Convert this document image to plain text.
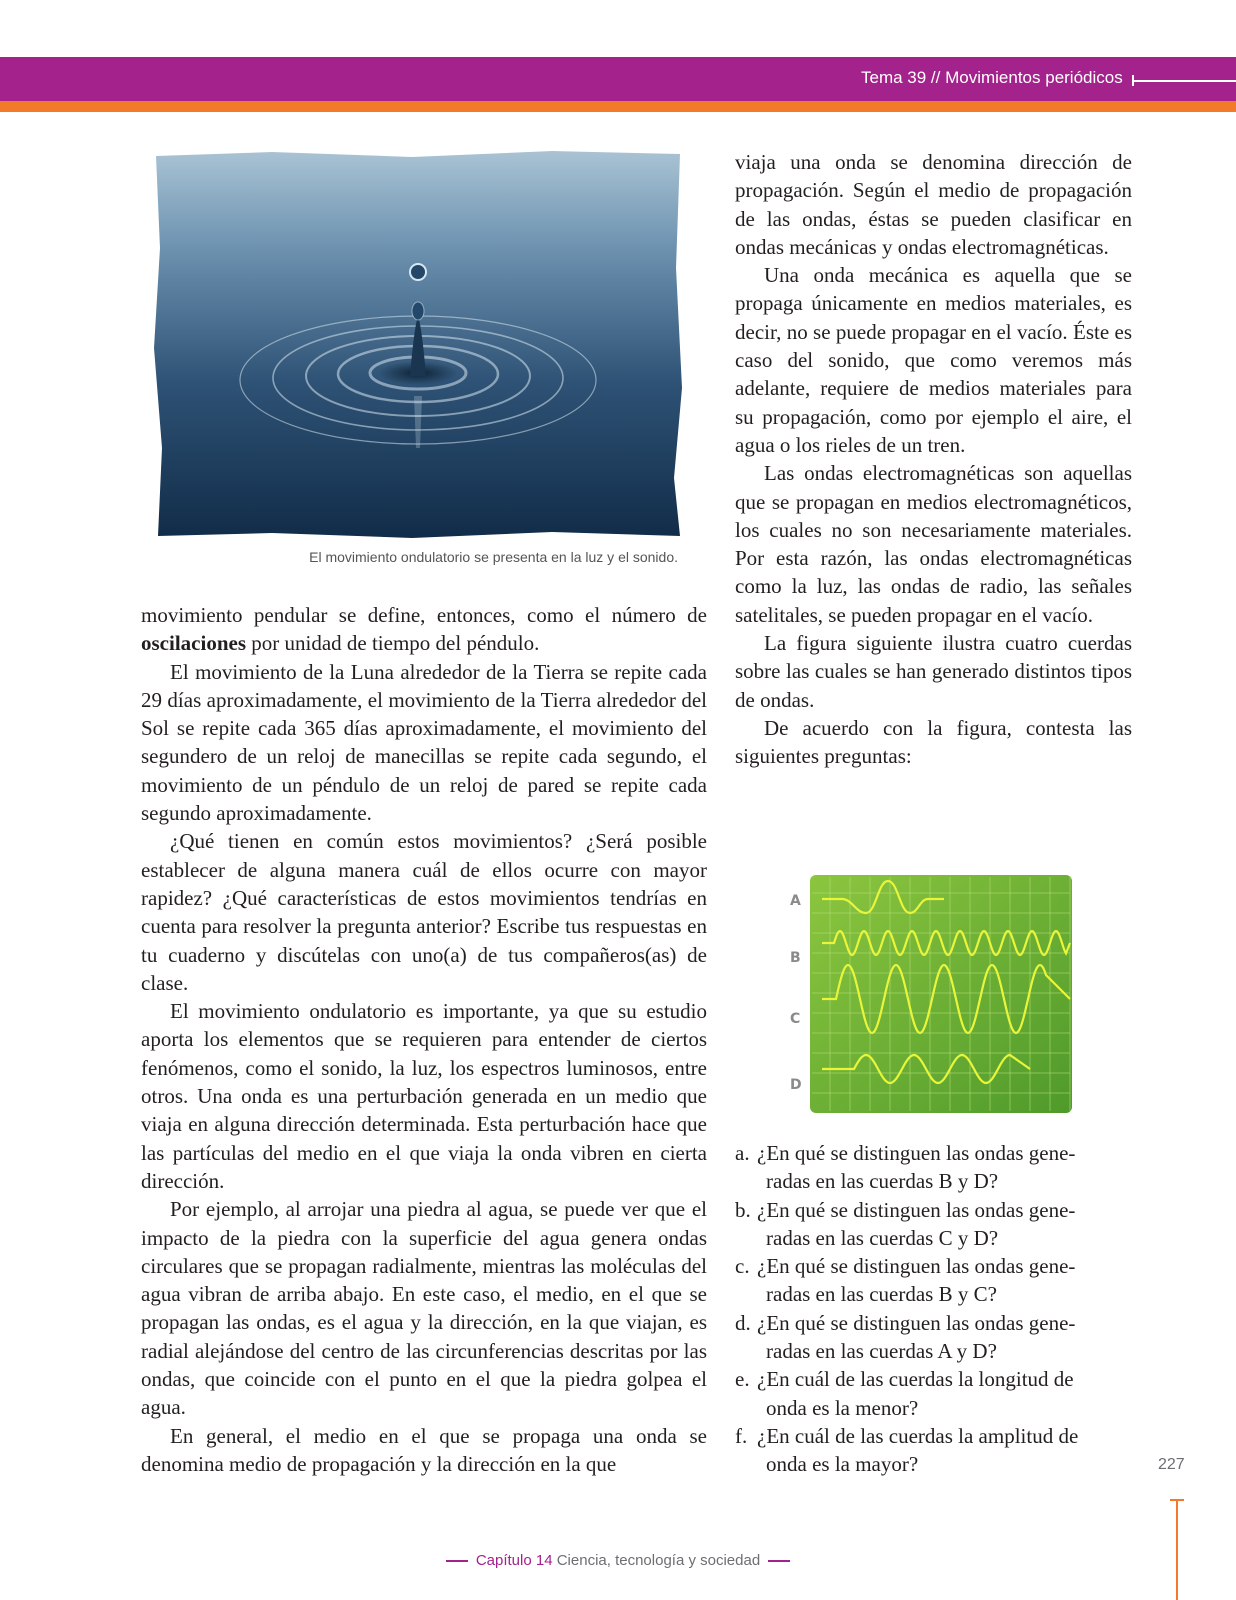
Tema 39 // Movimientos periódicos
El movimiento ondulatorio se presenta en la luz y el sonido.

movimiento pendular se define, entonces, como el número de oscilaciones por unidad de tiempo del péndulo.

El movimiento de la Luna alrededor de la Tierra se repite cada 29 días aproximadamente, el movimiento de la Tierra alrededor del Sol se repite cada 365 días aproximadamente, el movimiento del segundero de un reloj de manecillas se repite cada segundo, el movimiento de un péndulo de un reloj de pared se repite cada segundo aproximadamente.

¿Qué tienen en común estos movimientos? ¿Será posible establecer de alguna manera cuál de ellos ocurre con mayor rapidez? ¿Qué características de estos movimientos tendrías en cuenta para resolver la pregunta anterior? Escribe tus respuestas en tu cuaderno y discútelas con uno(a) de tus compañeros(as) de clase.

El movimiento ondulatorio es importante, ya que su estudio aporta los elementos que se requieren para entender de ciertos fenómenos, como el sonido, la luz, los espectros luminosos, entre otros. Una onda es una perturbación generada en un medio que viaja en alguna dirección determinada. Esta perturbación hace que las partículas del medio en el que viaja la onda vibren en cierta dirección.

Por ejemplo, al arrojar una piedra al agua, se puede ver que el impacto de la piedra con la superficie del agua genera ondas circulares que se propagan radialmente, mientras las moléculas del agua vibran de arriba abajo. En este caso, el medio, en el que se propagan las ondas, es el agua y la dirección, en la que viajan, es radial alejándose del centro de las circunferencias descritas por las ondas, que coincide con el punto en el que la piedra golpea el agua.

En general, el medio en el que se propaga una onda se denomina medio de propagación y la dirección en la que

viaja una onda se denomina dirección de propagación. Según el medio de propagación de las ondas, éstas se pueden clasificar en ondas mecánicas y ondas electromagnéticas.

Una onda mecánica es aquella que se propaga únicamente en medios materiales, es decir, no se puede propagar en el vacío. Éste es caso del sonido, que como veremos más adelante, requiere de medios materiales para su propagación, como por ejemplo el aire, el agua o los rieles de un tren.

Las ondas electromagnéticas son aquellas que se propagan en medios electromagnéticos, los cuales no son necesariamente materiales. Por esta razón, las ondas electromagnéticas como la luz, las ondas de radio, las señales satelitales, se pueden propagar en el vacío.

La figura siguiente ilustra cuatro cuerdas sobre las cuales se han generado distintos tipos de ondas.

De acuerdo con la figura, contesta las siguientes preguntas:

A
B
C
D
a. ¿En qué se distinguen las ondas gene-
radas en las cuerdas B y D?
b. ¿En qué se distinguen las ondas gene-
radas en las cuerdas C y D?
c. ¿En qué se distinguen las ondas gene-
radas en las cuerdas B y C?
d. ¿En qué se distinguen las ondas gene-
radas en las cuerdas A y D?
e. ¿En cuál de las cuerdas la longitud de
onda es la menor?
f. ¿En cuál de las cuerdas la amplitud de
onda es la mayor?	227
Capítulo 14 Ciencia, tecnología y sociedad
